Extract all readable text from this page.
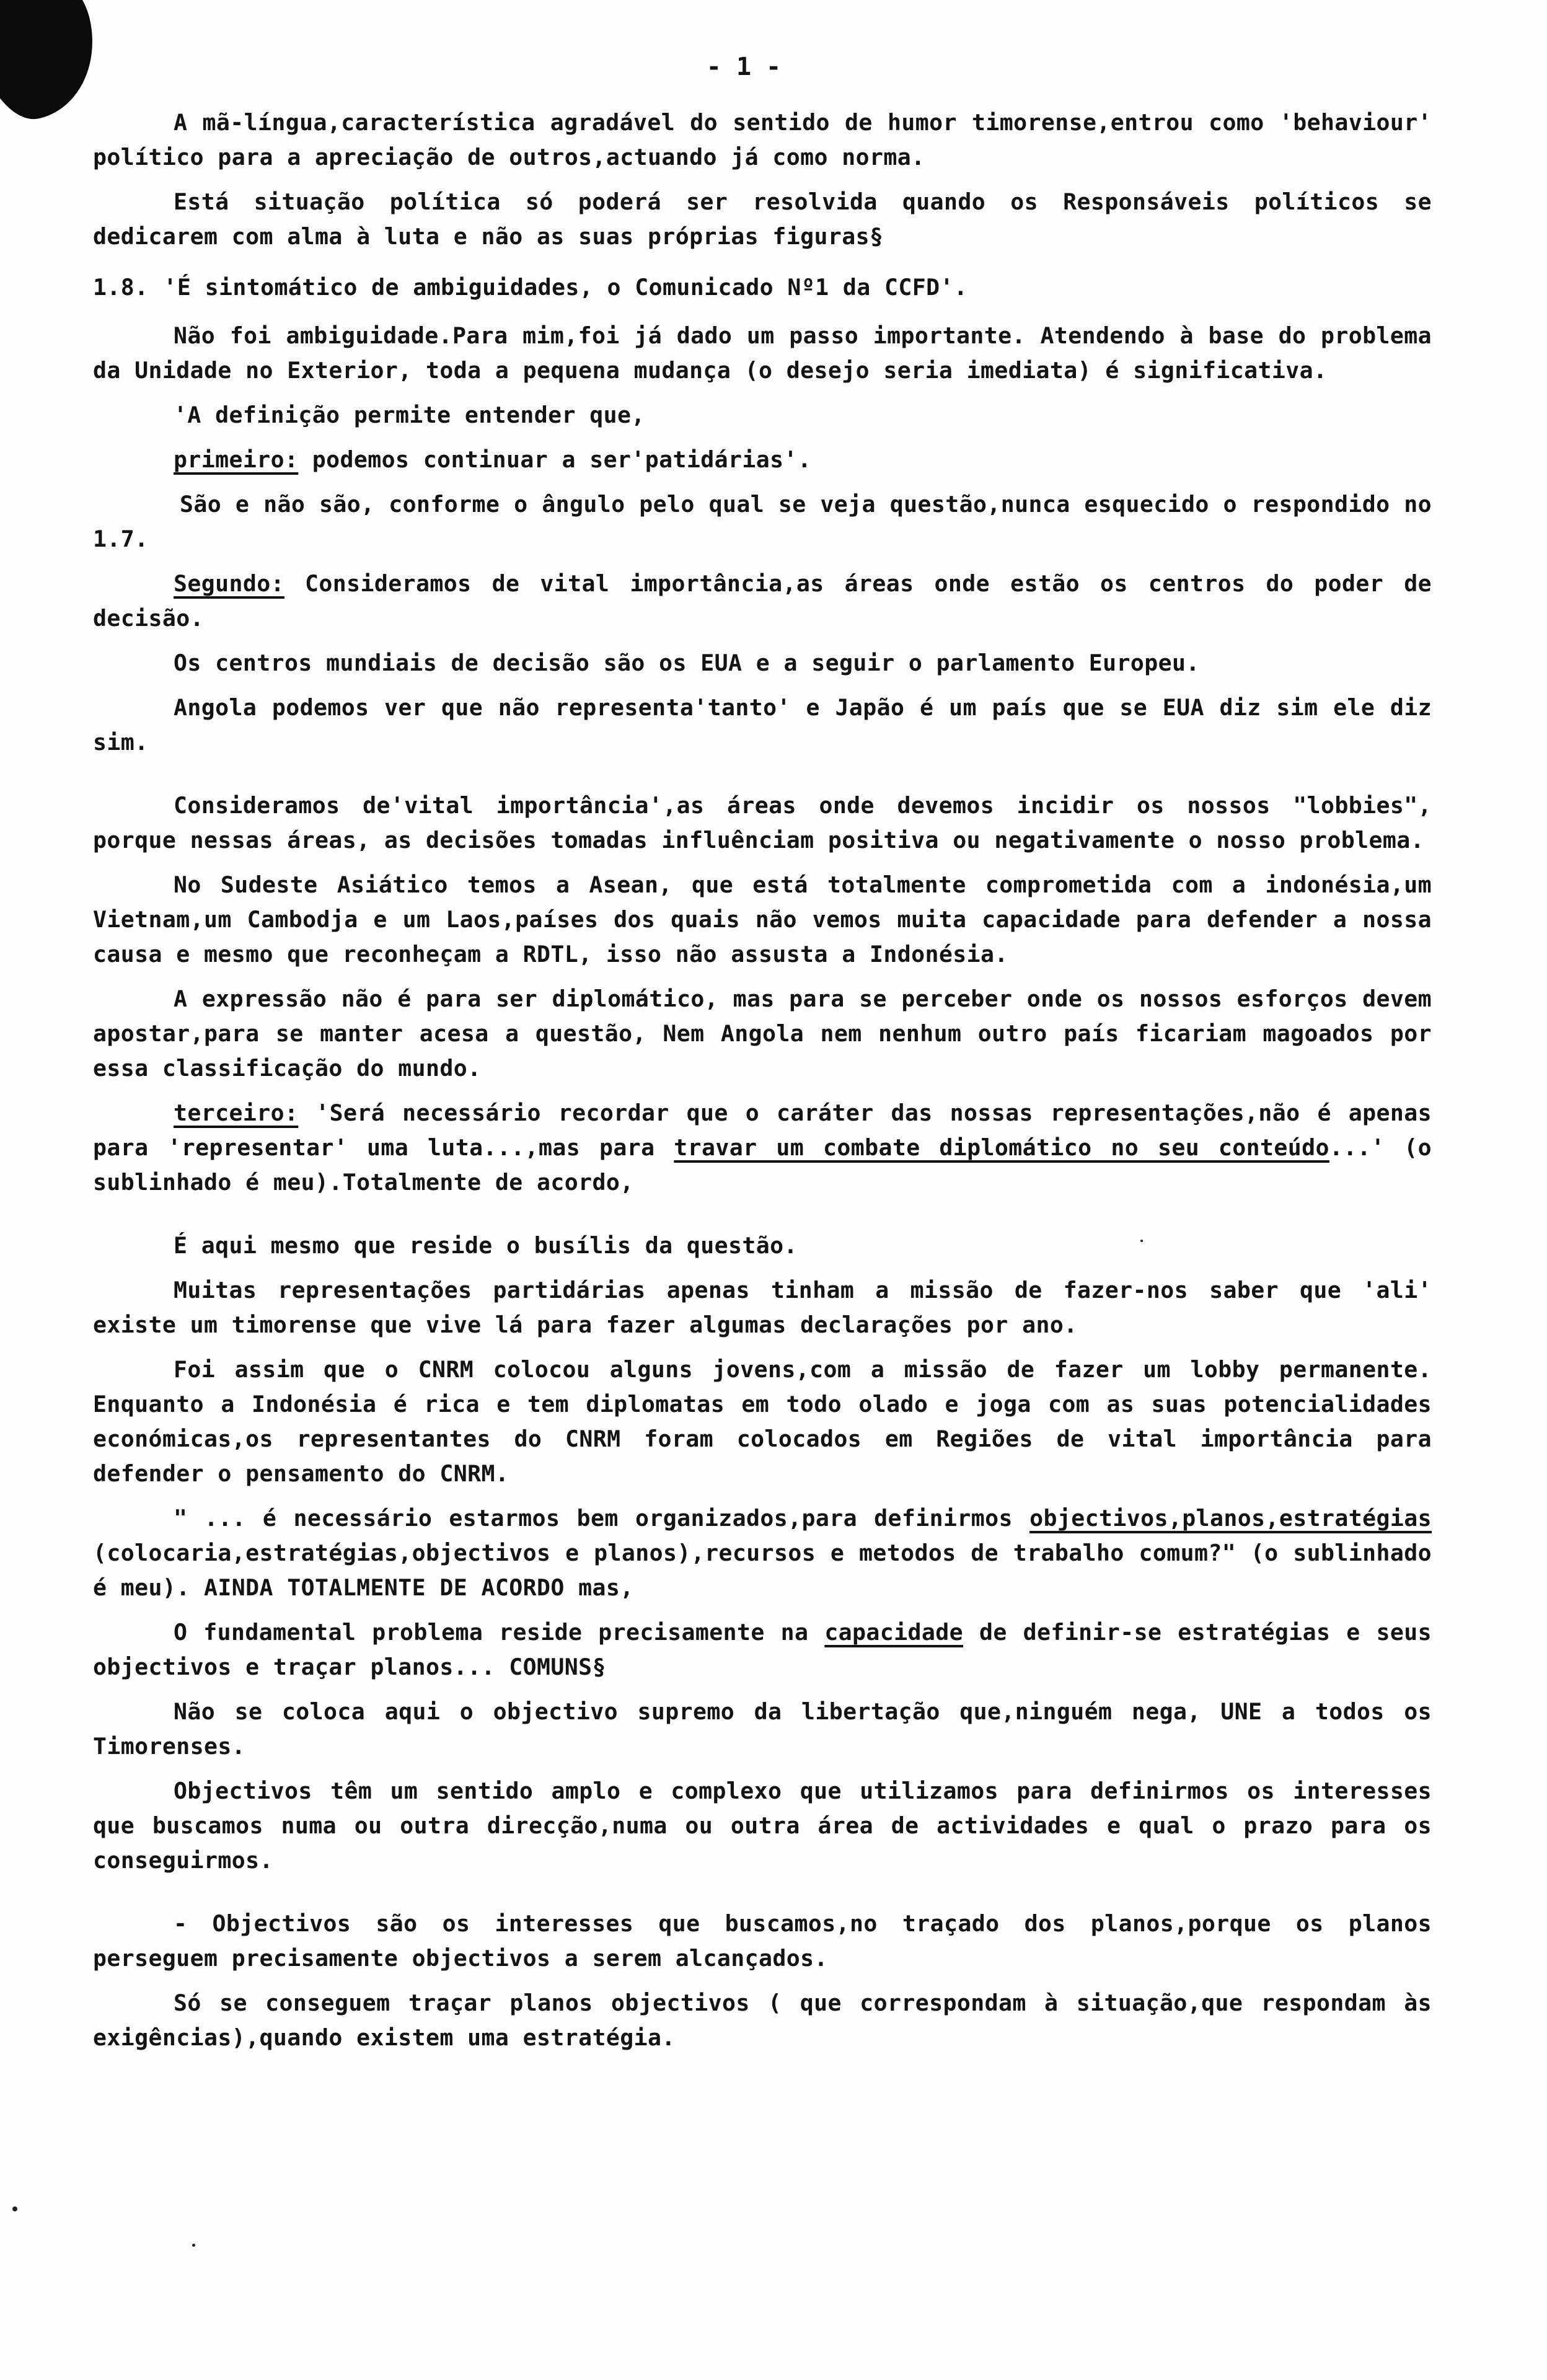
- 1 -

A mã-língua,característica agradável do sentido de humor timorense,entrou como 'behaviour' político para a apreciação de outros,actuando já como norma.

Está situação política só poderá ser resolvida quando os Responsáveis políticos se dedicarem com alma à luta e não as suas próprias figuras§

1.8. 'É sintomático de ambiguidades, o Comunicado Nº1 da CCFD'.

Não foi ambiguidade.Para mim,foi já dado um passo importante. Atendendo à base do problema da Unidade no Exterior, toda a pequena mudança (o desejo seria imediata) é significativa.

'A definição permite entender que,

primeiro: podemos continuar a ser'patidárias'.

São e não são, conforme o ângulo pelo qual se veja questão,nunca esquecido o respondido no 1.7.

Segundo: Consideramos de vital importância,as áreas onde estão os centros do poder de decisão.

Os centros mundiais de decisão são os EUA e a seguir o parlamento Europeu.

Angola podemos ver que não representa'tanto' e Japão é um país que se EUA diz sim ele diz sim.

Consideramos de'vital importância',as áreas onde devemos incidir os nossos "lobbies", porque nessas áreas, as decisões tomadas influênciam positiva ou negativamente o nosso problema.

No Sudeste Asiático temos a Asean, que está totalmente comprometida com a indonésia,um Vietnam,um Cambodja e um Laos,países dos quais não vemos muita capacidade para defender a nossa causa e mesmo que reconheçam a RDTL, isso não assusta a Indonésia.

A expressão não é para ser diplomático, mas para se perceber onde os nossos esforços devem apostar,para se manter acesa a questão, Nem Angola nem nenhum outro país ficariam magoados por essa classificação do mundo.

terceiro: 'Será necessário recordar que o caráter das nossas representações,não é apenas para 'representar' uma luta...,mas para travar um combate diplomático no seu conteúdo...' (o sublinhado é meu).Totalmente de acordo,

É aqui mesmo que reside o busílis da questão.

Muitas representações partidárias apenas tinham a missão de fazer-nos saber que 'ali' existe um timorense que vive lá para fazer algumas declarações por ano.

Foi assim que o CNRM colocou alguns jovens,com a missão de fazer um lobby permanente. Enquanto a Indonésia é rica e tem diplomatas em todo olado e joga com as suas potencialidades económicas,os representantes do CNRM foram colocados em Regiões de vital importância para defender o pensamento do CNRM.

" ... é necessário estarmos bem organizados,para definirmos objectivos,planos,estratégias (colocaria,estratégias,objectivos e planos),recursos e metodos de trabalho comum?" (o sublinhado é meu). AINDA TOTALMENTE DE ACORDO mas,

O fundamental problema reside precisamente na capacidade de definir-se estratégias e seus objectivos e traçar planos... COMUNS§

Não se coloca aqui o objectivo supremo da libertação que,ninguém nega, UNE a todos os Timorenses.

Objectivos têm um sentido amplo e complexo que utilizamos para definirmos os interesses que buscamos numa ou outra direcção,numa ou outra área de actividades e qual o prazo para os conseguirmos.

- Objectivos são os interesses que buscamos,no traçado dos planos,porque os planos perseguem precisamente objectivos a serem alcançados.

Só se conseguem traçar planos objectivos ( que correspondam à situação,que respondam às exigências),quando existem uma estratégia.
